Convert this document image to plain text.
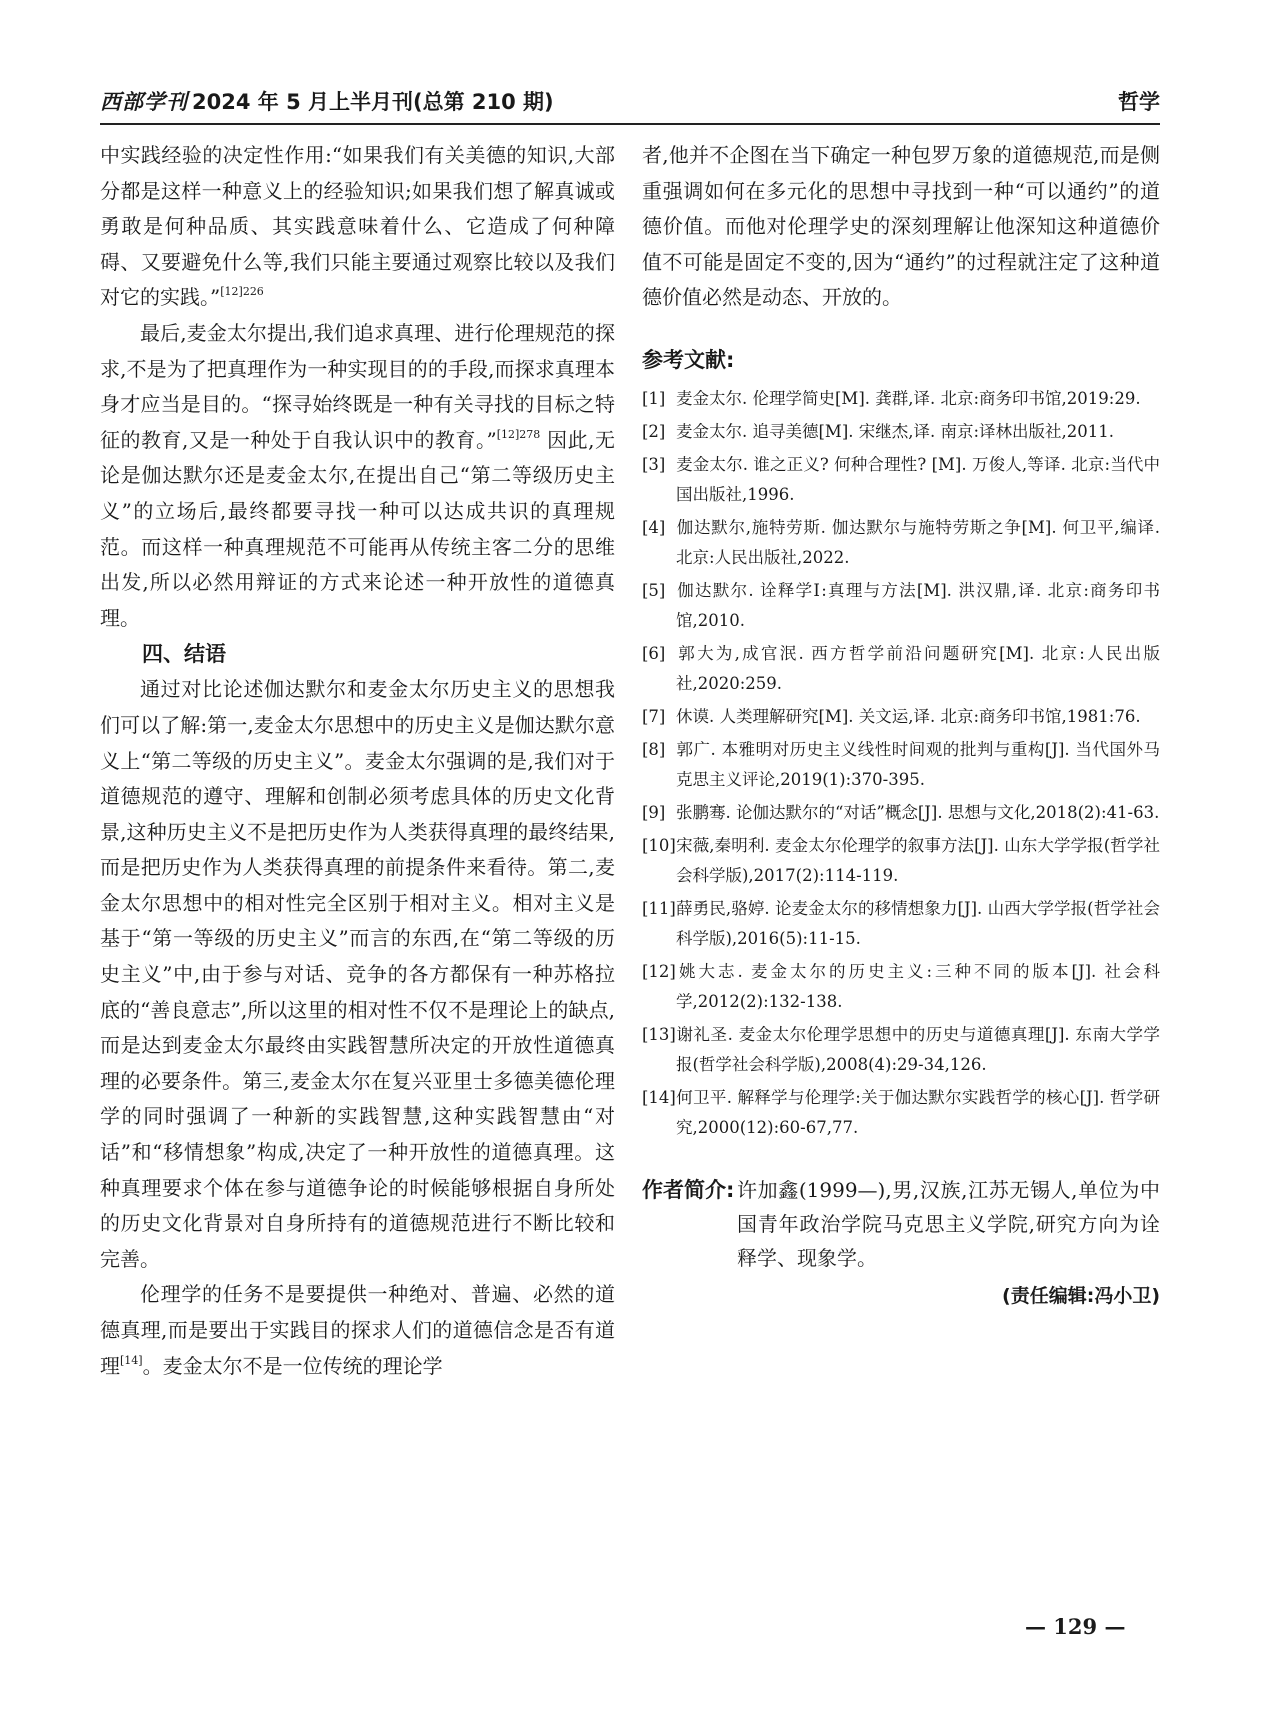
西部学刊 2024 年 5 月上半月刊(总第 210 期)	哲学

中实践经验的决定性作用:“如果我们有关美德的知识,大部分都是这样一种意义上的经验知识;如果我们想了解真诚或勇敢是何种品质、其实践意味着什么、它造成了何种障碍、又要避免什么等,我们只能主要通过观察比较以及我们对它的实践。”$^{[12]226}$

最后,麦金太尔提出,我们追求真理、进行伦理规范的探求,不是为了把真理作为一种实现目的的手段,而探求真理本身才应当是目的。“探寻始终既是一种有关寻找的目标之特征的教育,又是一种处于自我认识中的教育。”$^{[12]278}$ 因此,无论是伽达默尔还是麦金太尔,在提出自己“第二等级历史主义”的立场后,最终都要寻找一种可以达成共识的真理规范。而这样一种真理规范不可能再从传统主客二分的思维出发,所以必然用辩证的方式来论述一种开放性的道德真理。

四、结语

通过对比论述伽达默尔和麦金太尔历史主义的思想我们可以了解:第一,麦金太尔思想中的历史主义是伽达默尔意义上“第二等级的历史主义”。麦金太尔强调的是,我们对于道德规范的遵守、理解和创制必须考虑具体的历史文化背景,这种历史主义不是把历史作为人类获得真理的最终结果,而是把历史作为人类获得真理的前提条件来看待。第二,麦金太尔思想中的相对性完全区别于相对主义。相对主义是基于“第一等级的历史主义”而言的东西,在“第二等级的历史主义”中,由于参与对话、竞争的各方都保有一种苏格拉底的“善良意志”,所以这里的相对性不仅不是理论上的缺点,而是达到麦金太尔最终由实践智慧所决定的开放性道德真理的必要条件。第三,麦金太尔在复兴亚里士多德美德伦理学的同时强调了一种新的实践智慧,这种实践智慧由“对话”和“移情想象”构成,决定了一种开放性的道德真理。这种真理要求个体在参与道德争论的时候能够根据自身所处的历史文化背景对自身所持有的道德规范进行不断比较和完善。

伦理学的任务不是要提供一种绝对、普遍、必然的道德真理,而是要出于实践目的探求人们的道德信念是否有道理[14]。麦金太尔不是一位传统的理论学

者,他并不企图在当下确定一种包罗万象的道德规范,而是侧重强调如何在多元化的思想中寻找到一种“可以通约”的道德价值。而他对伦理学史的深刻理解让他深知这种道德价值不可能是固定不变的,因为“通约”的过程就注定了这种道德价值必然是动态、开放的。

参考文献:
[1] 麦金太尔. 伦理学简史[M]. 龚群,译. 北京:商务印书馆,2019:29.
[2] 麦金太尔. 追寻美德[M]. 宋继杰,译. 南京:译林出版社,2011.
[3] 麦金太尔. 谁之正义? 何种合理性? [M]. 万俊人,等译. 北京:当代中国出版社,1996.
[4] 伽达默尔,施特劳斯. 伽达默尔与施特劳斯之争[M]. 何卫平,编译. 北京:人民出版社,2022.
[5] 伽达默尔. 诠释学Ⅰ:真理与方法[M]. 洪汉鼎,译. 北京:商务印书馆,2010.
[6] 郭大为,成官泯. 西方哲学前沿问题研究[M]. 北京:人民出版社,2020:259.
[7] 休谟. 人类理解研究[M]. 关文运,译. 北京:商务印书馆,1981:76.
[8] 郭广. 本雅明对历史主义线性时间观的批判与重构[J]. 当代国外马克思主义评论,2019(1):370-395.
[9] 张鹏骞. 论伽达默尔的“对话”概念[J]. 思想与文化,2018(2):41-63.
[10]宋薇,秦明利. 麦金太尔伦理学的叙事方法[J]. 山东大学学报(哲学社会科学版),2017(2):114-119.
[11]薛勇民,骆婷. 论麦金太尔的移情想象力[J]. 山西大学学报(哲学社会科学版),2016(5):11-15.
[12]姚大志. 麦金太尔的历史主义:三种不同的版本[J]. 社会科学,2012(2):132-138.
[13]谢礼圣. 麦金太尔伦理学思想中的历史与道德真理[J]. 东南大学学报(哲学社会科学版),2008(4):29-34,126.
[14]何卫平. 解释学与伦理学:关于伽达默尔实践哲学的核心[J]. 哲学研究,2000(12):60-67,77.
作者简介: 许加鑫(1999—),男,汉族,江苏无锡人,单位为中国青年政治学院马克思主义学院,研究方向为诠释学、现象学。
(责任编辑:冯小卫)
— 129 —
